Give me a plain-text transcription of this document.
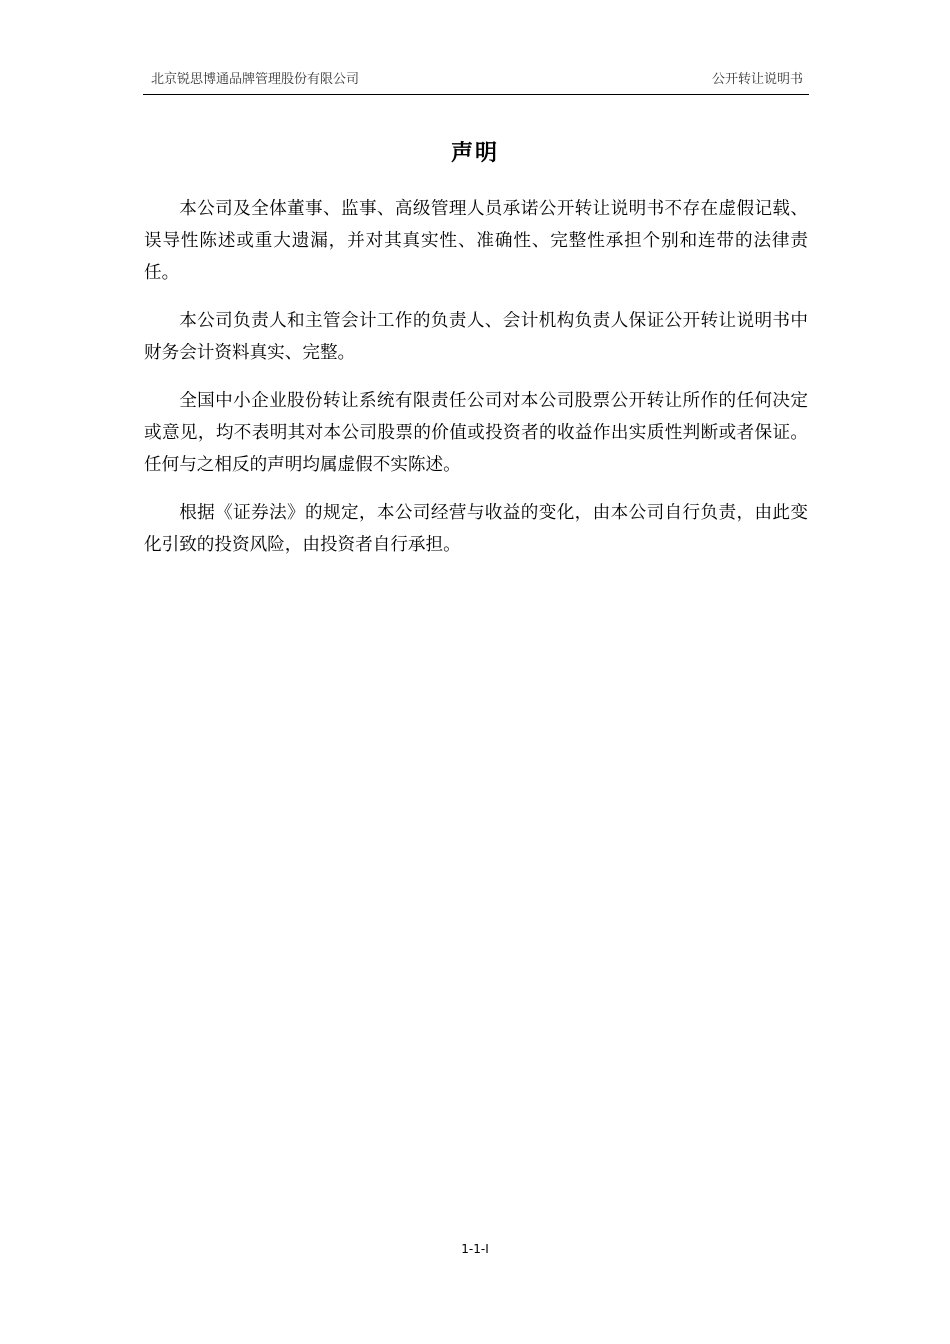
北京锐思博通品牌管理股份有限公司	公开转让说明书
声明

本公司及全体董事、监事、高级管理人员承诺公开转让说明书不存在虚假记载、误导性陈述或重大遗漏，并对其真实性、准确性、完整性承担个别和连带的法律责任。

本公司负责人和主管会计工作的负责人、会计机构负责人保证公开转让说明书中财务会计资料真实、完整。

全国中小企业股份转让系统有限责任公司对本公司股票公开转让所作的任何决定或意见，均不表明其对本公司股票的价值或投资者的收益作出实质性判断或者保证。任何与之相反的声明均属虚假不实陈述。

根据《证券法》的规定，本公司经营与收益的变化，由本公司自行负责，由此变化引致的投资风险，由投资者自行承担。

1-1-I
